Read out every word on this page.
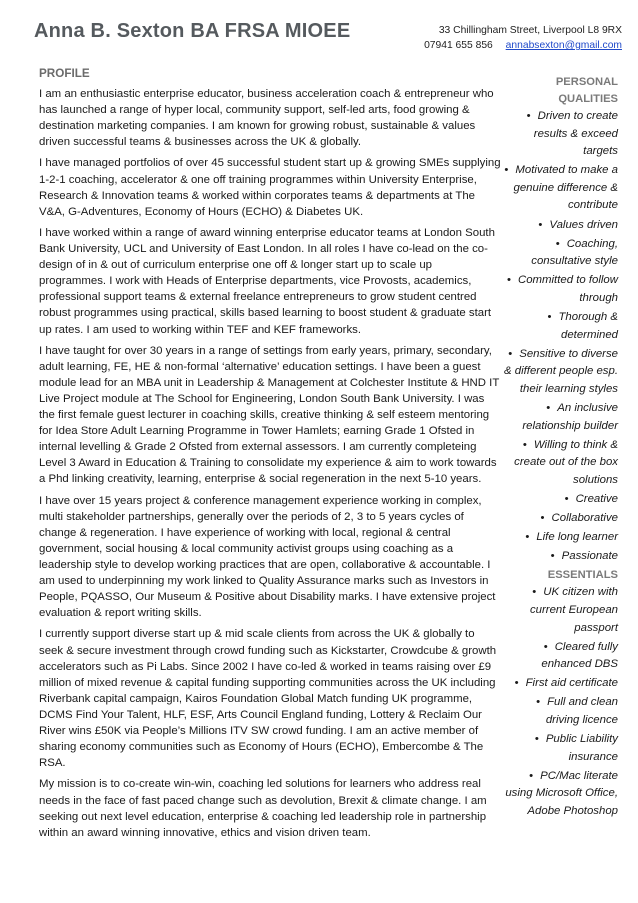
Anna B. Sexton BA FRSA MIOEE	33 Chillingham Street, Liverpool L8 9RX
07941 655 856 annabsexton@gmail.com
PROFILE

I am an enthusiastic enterprise educator, business acceleration coach & entrepreneur who has launched a range of hyper local, community support, self-led arts, food growing & destination marketing companies. I am known for growing robust, sustainable & values driven successful teams & businesses across the UK & globally.

I have managed portfolios of over 45 successful student start up & growing SMEs supplying 1-2-1 coaching, accelerator & one off training programmes within University Enterprise, Research & Innovation teams & worked within corporates teams & departments at The V&A, G-Adventures, Economy of Hours (ECHO) & Diabetes UK.

I have worked within a range of award winning enterprise educator teams at London South Bank University, UCL and University of East London. In all roles I have co-lead on the co-design of in & out of curriculum enterprise one off & longer start up to scale up programmes. I work with Heads of Enterprise departments, vice Provosts, academics, professional support teams & external freelance entrepreneurs to grow student centred robust programmes using practical, skills based learning to boost student & graduate start up rates. I am used to working within TEF and KEF frameworks.

I have taught for over 30 years in a range of settings from early years, primary, secondary, adult learning, FE, HE & non-formal ‘alternative’ education settings. I have been a guest module lead for an MBA unit in Leadership & Management at Colchester Institute & HND IT Live Project module at The School for Engineering, London South Bank University. I was the first female guest lecturer in coaching skills, creative thinking & self esteem mentoring for Idea Store Adult Learning Programme in Tower Hamlets; earning Grade 1 Ofsted in internal levelling & Grade 2 Ofsted from external assessors. I am currently completeing Level 3 Award in Education & Training to consolidate my experience & aim to work towards a Phd linking creativity, learning, enterprise & social regeneration in the next 5-10 years.

I have over 15 years project & conference management experience working in complex, multi stakeholder partnerships, generally over the periods of 2, 3 to 5 years cycles of change & regeneration. I have experience of working with local, regional & central government, social housing & local community activist groups using coaching as a leadership style to develop working practices that are open, collaborative & accountable. I am used to underpinning my work linked to Quality Assurance marks such as Investors in People, PQASSO, Our Museum & Positive about Disability marks. I have extensive project evaluation & report writing skills.

I currently support diverse start up & mid scale clients from across the UK & globally to seek & secure investment through crowd funding such as Kickstarter, Crowdcube & growth accelerators such as Pi Labs. Since 2002 I have co-led & worked in teams raising over £9 million of mixed revenue & capital funding supporting communities across the UK including Riverbank capital campaign, Kairos Foundation Global Match funding UK programme, DCMS Find Your Talent, HLF, ESF, Arts Council England funding, Lottery & Reclaim Our River wins £50K via People’s Millions ITV SW crowd funding. I am an active member of sharing economy communities such as Economy of Hours (ECHO), Embercombe & The RSA.

My mission is to co-create win-win, coaching led solutions for learners who address real needs in the face of fast paced change such as devolution, Brexit & climate change. I am seeking out next level education, enterprise & coaching led leadership role in partnership within an award winning innovative, ethics and vision driven team.

PERSONAL QUALITIES
• Driven to create results & exceed targets
• Motivated to make a genuine difference & contribute
• Values driven
• Coaching, consultative style
• Committed to follow through
• Thorough & determined
• Sensitive to diverse & different people esp. their learning styles
• An inclusive relationship builder
• Willing to think & create out of the box solutions
• Creative
• Collaborative
• Life long learner
• Passionate
ESSENTIALS
• UK citizen with current European passport
• Cleared fully enhanced DBS
• First aid certificate
• Full and clean driving licence
• Public Liability insurance
• PC/Mac literate using Microsoft Office, Adobe Photoshop
